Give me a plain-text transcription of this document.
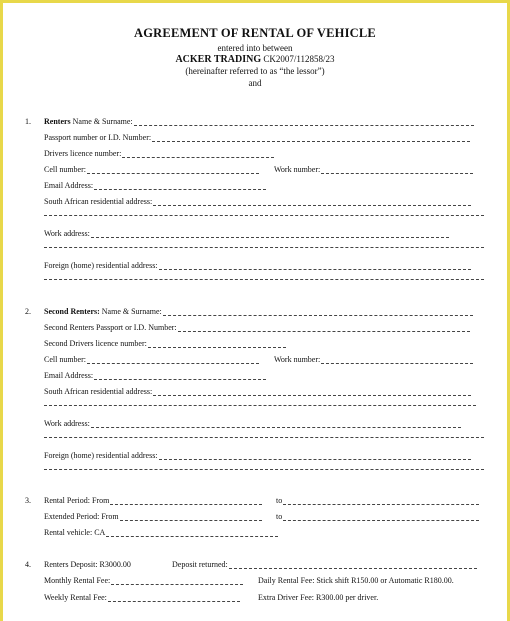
AGREEMENT OF RENTAL OF VEHICLE
entered into between
ACKER TRADING CK2007/112858/23
(hereinafter referred to as “the lessor”)
and
1. Renters Name & Surname:
Passport number or I.D. Number:
Drivers licence number:
Cell number:	Work number:
Email Address:
South African residential address:
Work address:
Foreign (home) residential address:
2. Second Renters: Name & Surname:
Second Renters Passport or I.D. Number:
Second Drivers licence number:
Cell number:	Work number:
Email Address:
South African residential address:
Work address:
Foreign (home) residential address:
3. Rental Period: From	to
Extended Period: From	to
Rental vehicle: CA
4. Renters Deposit: R3000.00	Deposit returned:
Monthly Rental Fee:	Daily Rental Fee: Stick shift R150.00 or Automatic R180.00.
Weekly Rental Fee:	Extra Driver Fee: R300.00 per driver.
